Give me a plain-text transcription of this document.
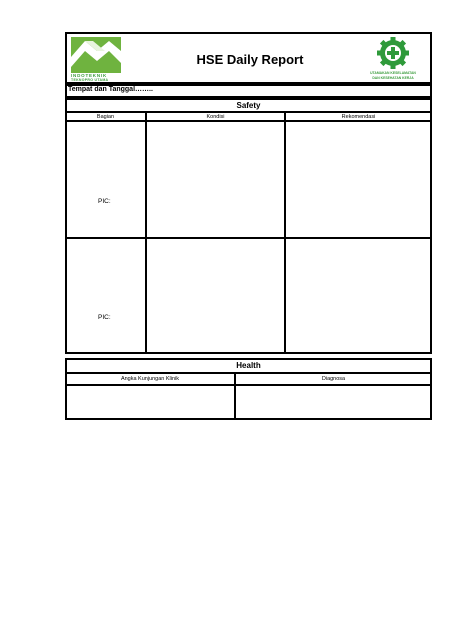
INDOTEKNIK
TEKNOPRO UTAMA
HSE Daily Report
UTAMAKAN KESELAMATAN
DAN KESEHATAN KERJA
Tempat dan Tanggal……..
Safety
Bagian	Kondisi	Rekomendasi
PIC:
PIC:
Health
Angka Kunjungan Klinik	Diagnosa
